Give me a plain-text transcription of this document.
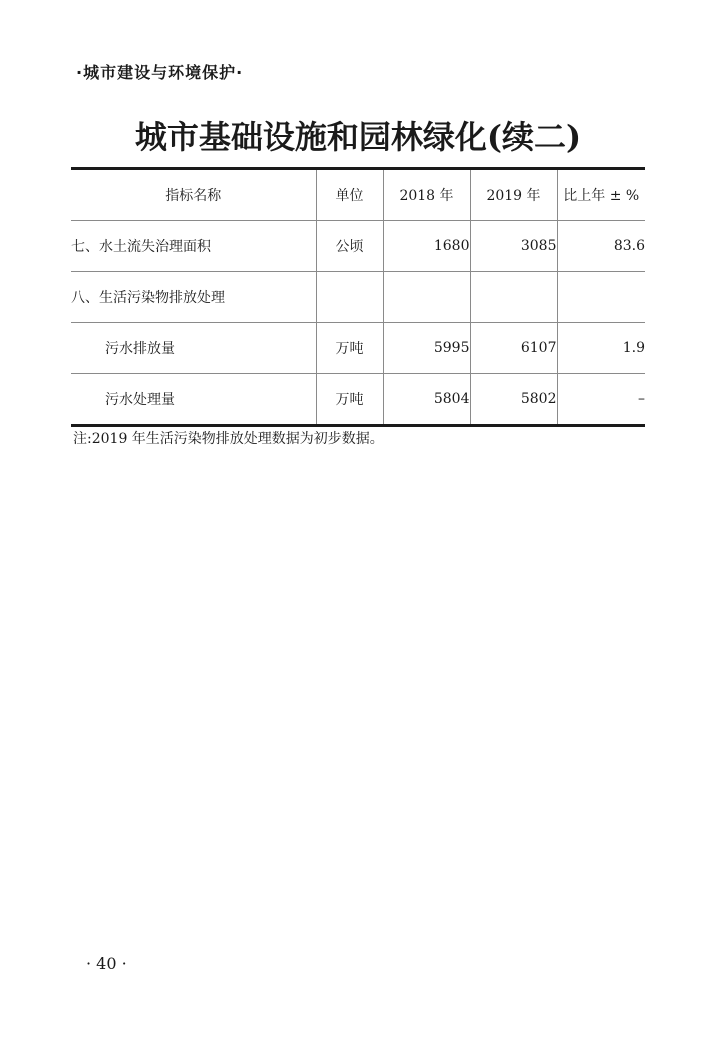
·城市建设与环境保护·
城市基础设施和园林绿化(续二)
指标名称	单位	2018 年	2019 年	比上年 ± %
七、水土流失治理面积	公顷	1680	3085	83.6
八、生活污染物排放处理				
污水排放量	万吨	5995	6107	1.9
污水处理量	万吨	5804	5802	–
注:2019 年生活污染物排放处理数据为初步数据。
· 40 ·
